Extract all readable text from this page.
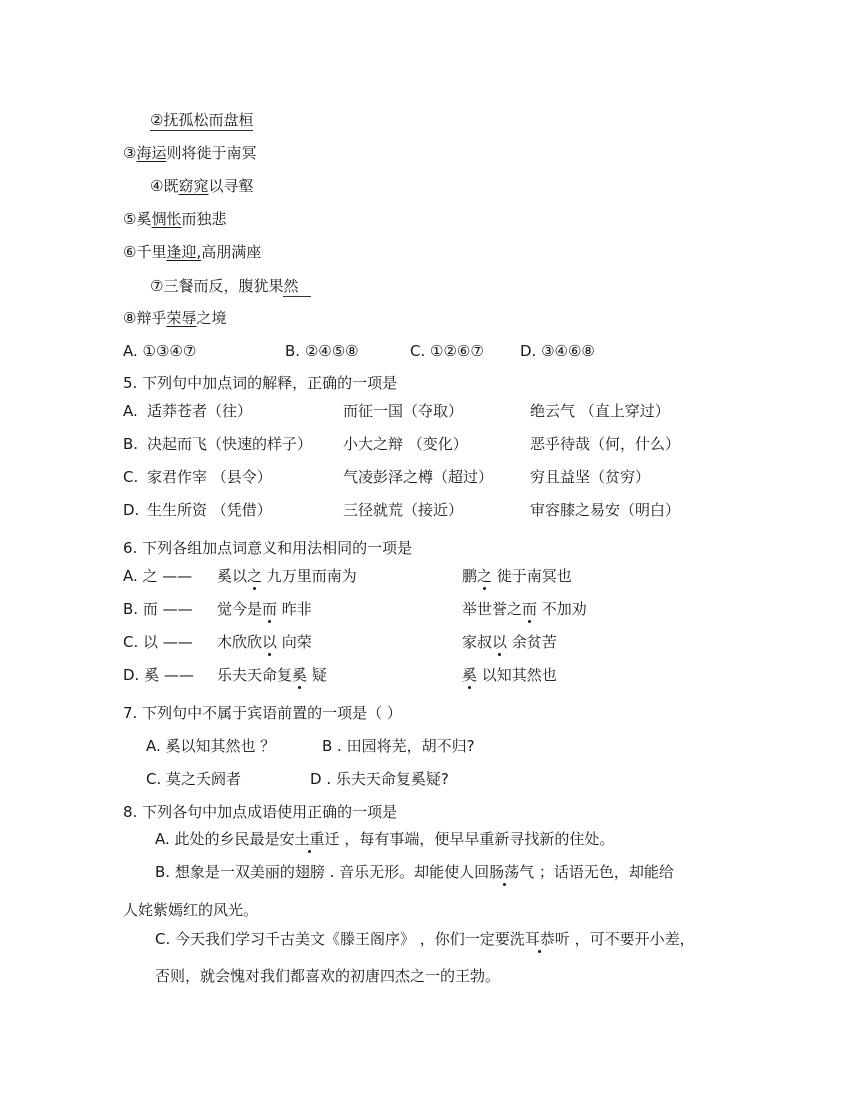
②抚孤松而盘桓
③海运则将徙于南冥
④既窈窕以寻壑
⑤奚惆怅而独悲
⑥千里逢迎,高朋满座
⑦三餐而反，腹犹果然
⑧辩乎荣辱之境
A. ①③④⑦	B. ②④⑤⑧	C. ①②⑥⑦ D. ③④⑥⑧
5. 下列句中加点词的解释，正确的一项是
A. 适莽苍者（往）	而征一国（夺取）	绝云气 （直上穿过）
B. 决起而飞（快速的样子） 小大之辩 （变化）	恶乎待哉（何，什么）
C. 家君作宰 （县令）	气凌彭泽之樽（超过） 穷且益坚（贫穷）
D. 生生所资 （凭借）	三径就荒（接近）	审容膝之易安（明白）
6. 下列各组加点词意义和用法相同的一项是
A. 之 —— 奚以之 九万里而南为	鹏之 徙于南冥也
B. 而 —— 觉今是而 昨非	举世誉之而 不加劝
C. 以 —— 木欣欣以 向荣	家叔以 余贫苦
D. 奚 —— 乐夫天命复奚 疑	奚 以知其然也
7. 下列句中不属于宾语前置的一项是（ ）
A. 奚以知其然也 ？	B . 田园将芜，胡不归?
C. 莫之夭阏者	D . 乐夫天命复奚疑?
8. 下列各句中加点成语使用正确的一项是
A. 此处的乡民最是安土重迁 ，每有事端，便早早重新寻找新的住处。
B. 想象是一双美丽的翅膀 . 音乐无形。却能使人回肠荡气 ；话语无色，却能给
人姹紫嫣红的风光。
C. 今天我们学习千古美文《滕王阁序》 ，你们一定要洗耳恭听 ，可不要开小差，
否则，就会愧对我们都喜欢的初唐四杰之一的王勃。
